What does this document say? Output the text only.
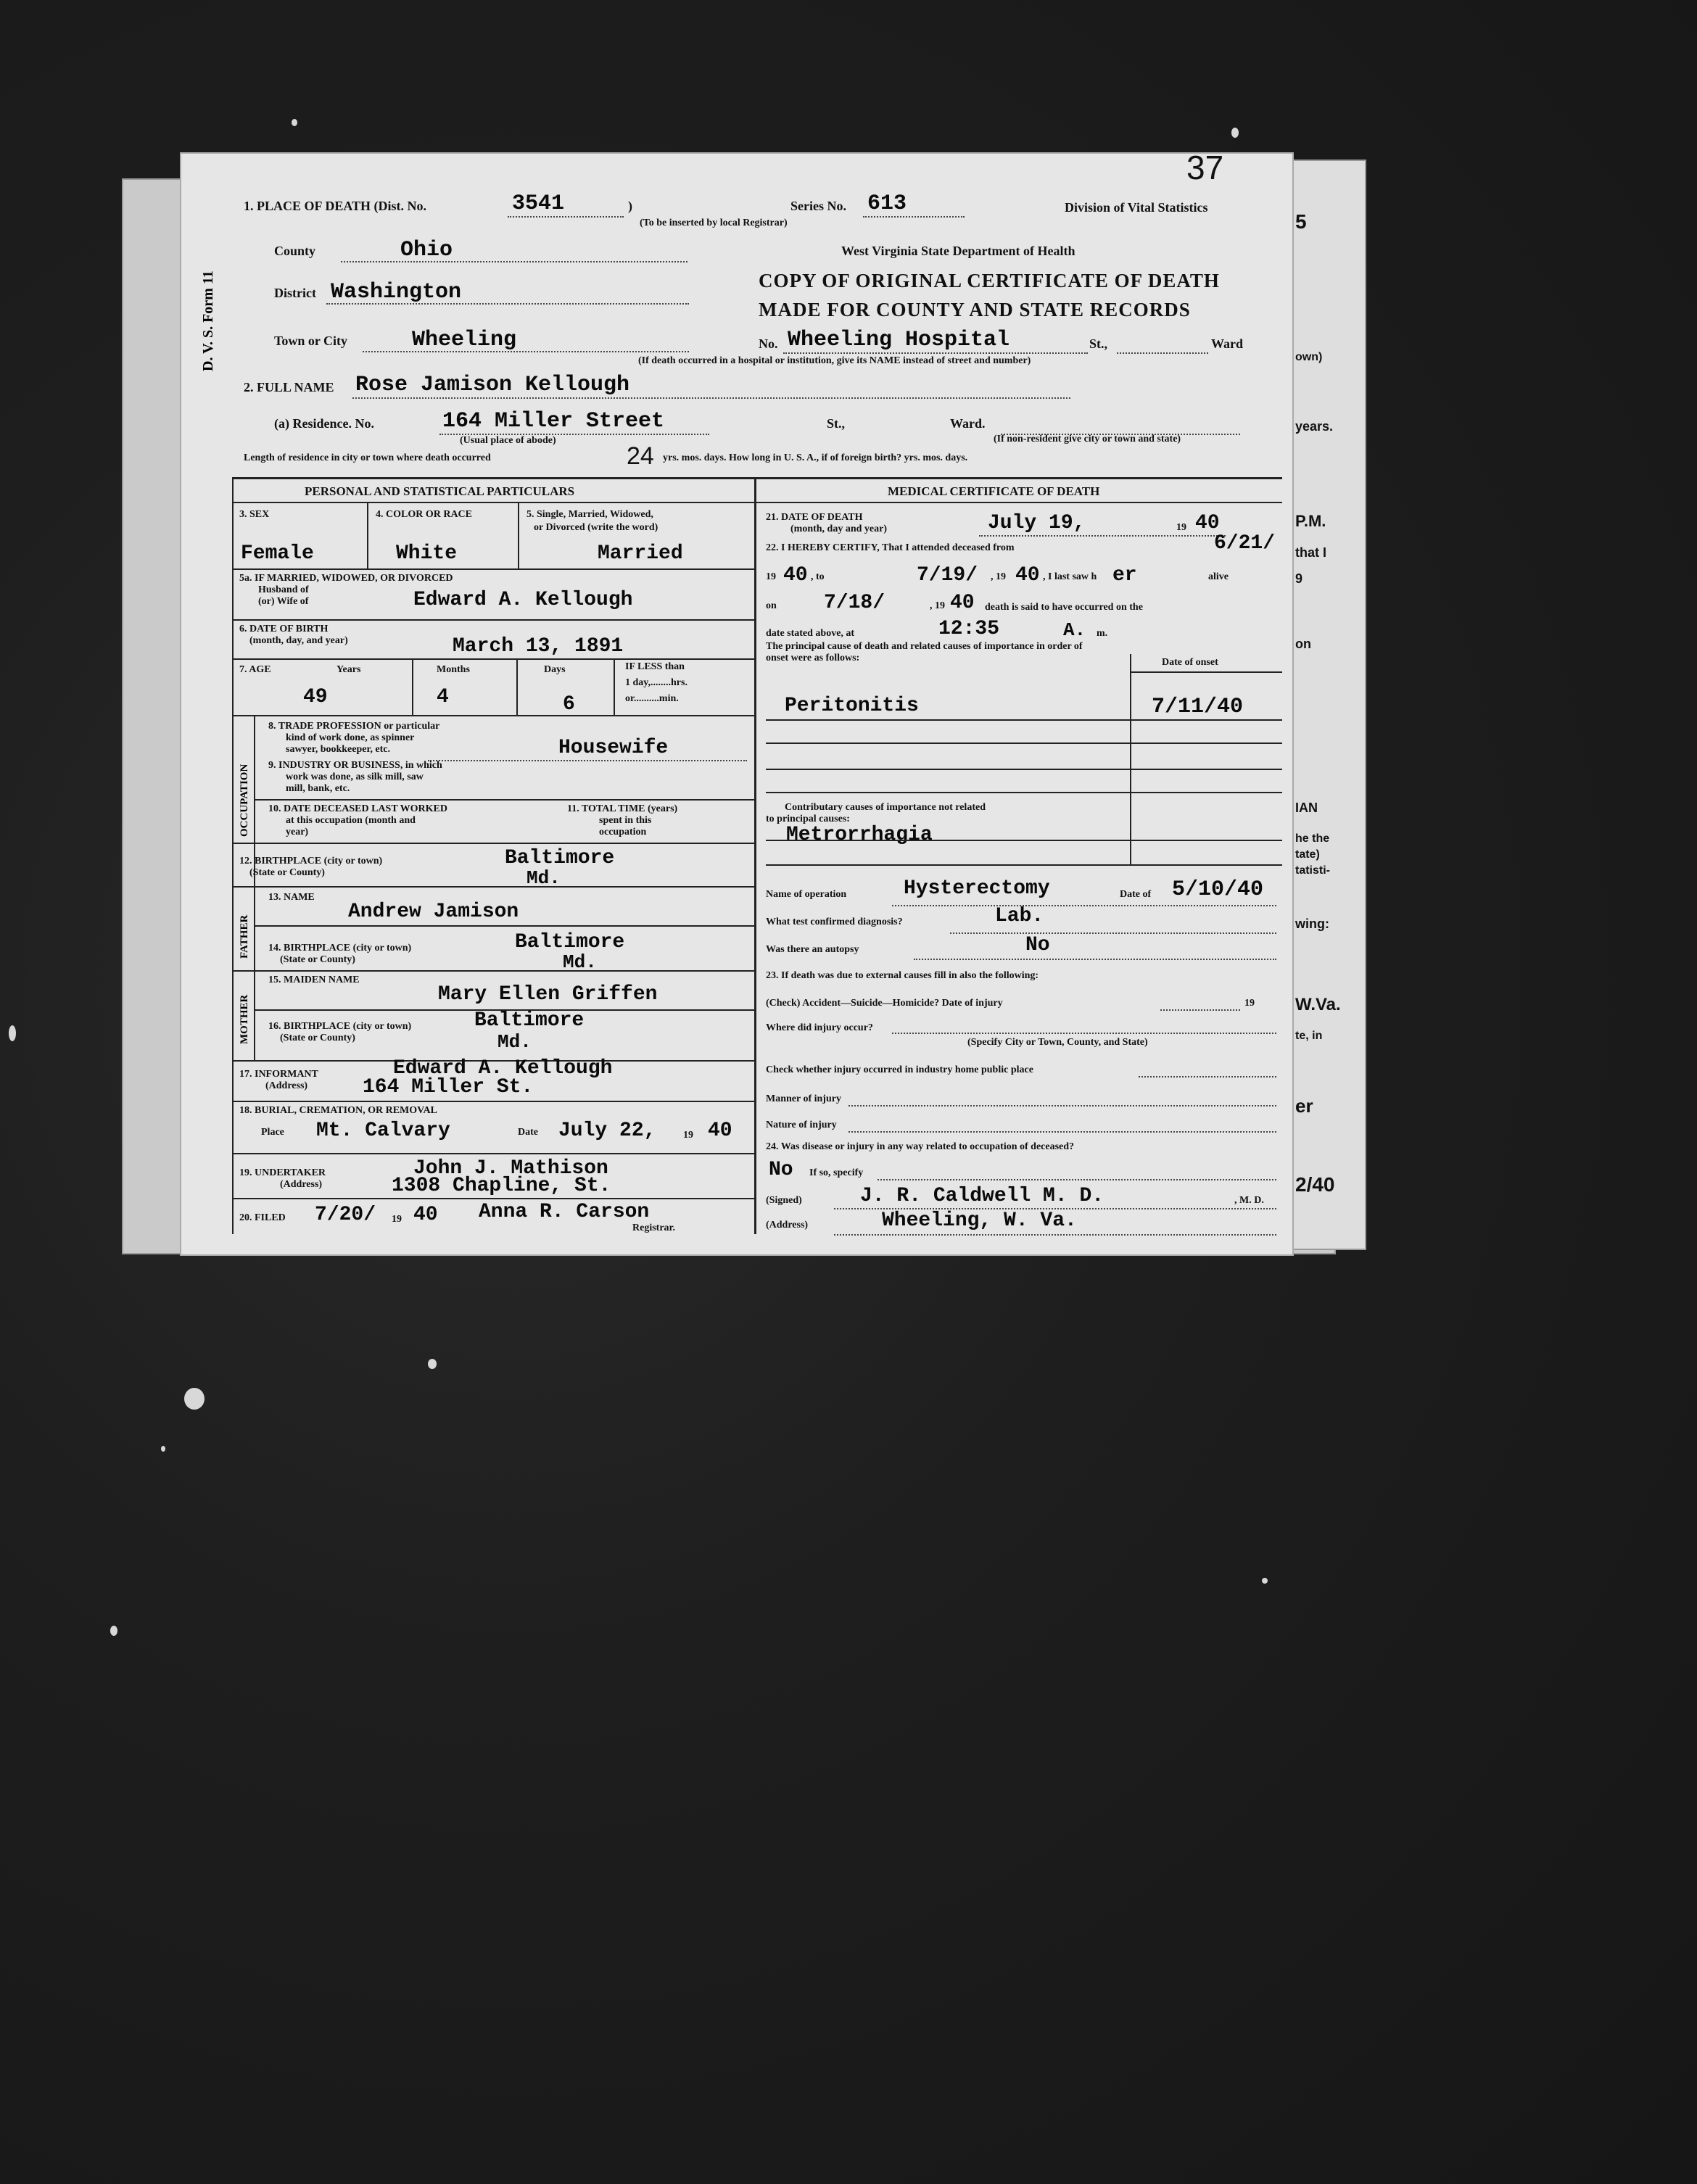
5
own)
years.
P.M.
that I
9
on
IAN
he the
tate)
tatisti-
wing:
W.Va.
te, in
er
2/40
37
D. V. S. Form 11
1. PLACE OF DEATH (Dist. No.	3541	)
(To be inserted by local Registrar)
Series No. 613	Division of Vital Statistics
County	Ohio	West Virginia State Department of Health
District Washington	COPY OF ORIGINAL CERTIFICATE OF DEATH
MADE FOR COUNTY AND STATE RECORDS
Town or City	Wheeling	No. Wheeling Hospital	St.,	Ward
(If death occurred in a hospital or institution, give its NAME instead of street and number)
2. FULL NAME Rose Jamison Kellough
(a) Residence. No.	164 Miller Street	St.,	Ward.
(Usual place of abode)	(If non-resident give city or town and state)
Length of residence in city or town where death occurred	24 yrs. mos. days. How long in U. S. A., if of foreign birth? yrs. mos. days.
PERSONAL AND STATISTICAL PARTICULARS
3. SEX	4. COLOR OR RACE	5. Single, Married, Widowed,
or Divorced (write the word)
Female	White	Married
5a. IF MARRIED, WIDOWED, OR DIVORCED
Husband of
(or) Wife of	Edward A. Kellough
6. DATE OF BIRTH
(month, day, and year)	March 13, 1891
7. AGE	Years	Months	Days	IF LESS than
1 day,........hrs.
or..........min.
49	4	6
OCCUPATION
8. TRADE PROFESSION or particular
kind of work done, as spinner
sawyer, bookkeeper, etc.	Housewife
9. INDUSTRY OR BUSINESS, in which
work was done, as silk mill, saw
mill, bank, etc.
10. DATE DECEASED LAST WORKED
at this occupation (month and
year)
11. TOTAL TIME (years)
spent in this
occupation
12. BIRTHPLACE (city or town)
(State or County)
Baltimore
Md.
FATHER
13. NAME
Andrew Jamison
14. BIRTHPLACE (city or town)
(State or County)
Baltimore
Md.
MOTHER
15. MAIDEN NAME
Mary Ellen Griffen
16. BIRTHPLACE (city or town)
(State or County)
Baltimore
Md.
17. INFORMANT
(Address)
Edward A. Kellough
164 Miller St.
18. BURIAL, CREMATION, OR REMOVAL
Place Mt. Calvary	Date July 22,	19 40
19. UNDERTAKER
(Address)
John J. Mathison
1308 Chapline, St.
20. FILED 7/20/ 19 40 Anna R. Carson
Registrar.
MEDICAL CERTIFICATE OF DEATH
21. DATE OF DEATH
(month, day and year)	July 19,	19 40
22. I HEREBY CERTIFY, That I attended deceased from	6/21/
19 40 , to	7/19/ , 19 40 , I last saw h er	alive
on 7/18/	, 19 40 death is said to have occurred on the
date stated above, at	12:35	A. m.
The principal cause of death and related causes of importance in order of
onset were as follows:	Date of onset
Peritonitis	7/11/40
Contributary causes of importance not related
to principal causes:
Metrorrhagia
Name of operation	Hysterectomy	Date of 5/10/40
What test confirmed diagnosis?	Lab.
Was there an autopsy	No
23. If death was due to external causes fill in also the following:
(Check) Accident—Suicide—Homicide? Date of injury	19
Where did injury occur?
(Specify City or Town, County, and State)
Check whether injury occurred in industry home public place
Manner of injury
Nature of injury
24. Was disease or injury in any way related to occupation of deceased?
No If so, specify
(Signed)	J. R. Caldwell M. D.	, M. D.
(Address)	Wheeling, W. Va.
